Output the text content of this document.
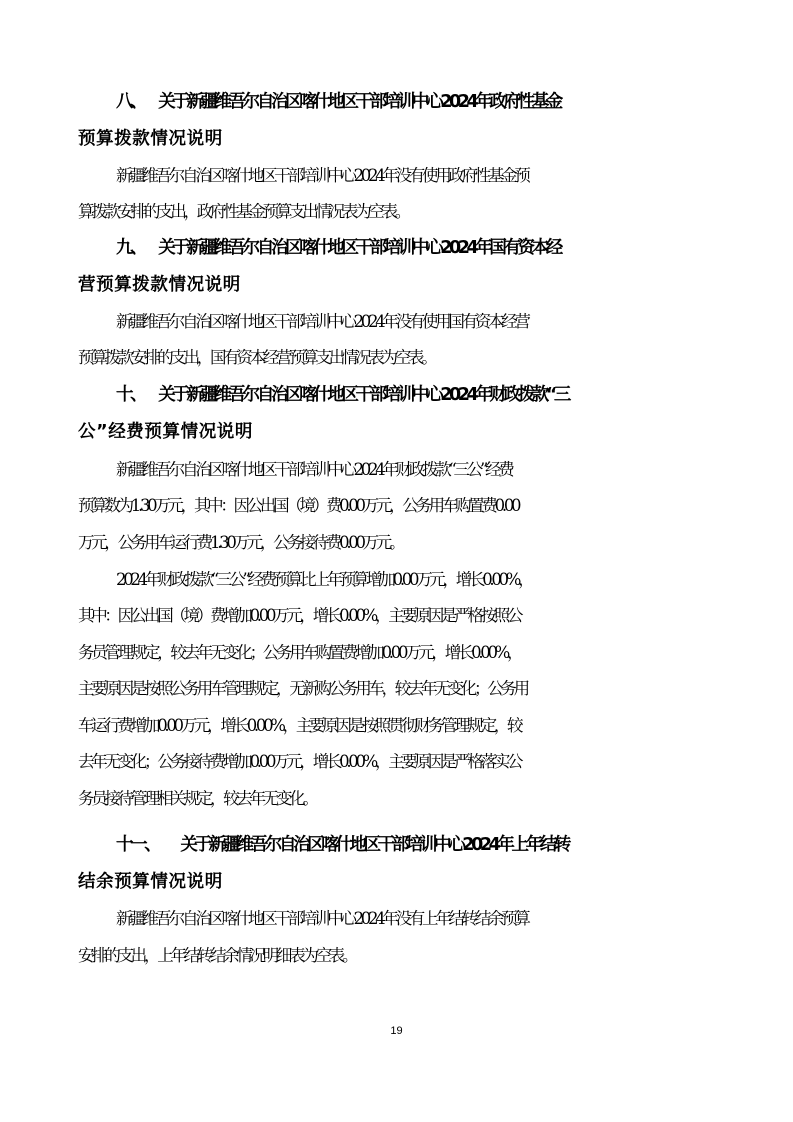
八、 关于新疆维吾尔自治区喀什地区干部培训中心2024年政府性基金
预算拨款情况说明
新疆维吾尔自治区喀什地区干部培训中心2024年没有使用政府性基金预
算拨款安排的支出，政府性基金预算支出情况表为空表。
九、 关于新疆维吾尔自治区喀什地区干部培训中心2024年国有资本经
营预算拨款情况说明
新疆维吾尔自治区喀什地区干部培训中心2024年没有使用国有资本经营
预算拨款安排的支出，国有资本经营预算支出情况表为空表。
十、 关于新疆维吾尔自治区喀什地区干部培训中心2024年财政拨款“三
公”经费预算情况说明
新疆维吾尔自治区喀什地区干部培训中心2024年财政拨款“三公”经费
预算数为1.30万元，其中：因公出国（境）费0.00万元，公务用车购置费0.00
万元，公务用车运行费1.30万元，公务接待费0.00万元。
2024年财政拨款“三公”经费预算比上年预算增加0.00万元，增长0.00%，
其中：因公出国（境）费增加0.00万元，增长0.00%，主要原因是严格按照公
务员管理规定，较去年无变化；公务用车购置费增加0.00万元，增长0.00%，
主要原因是按照公务用车管理规定，无新购公务用车，较去年无变化；公务用
车运行费增加0.00万元，增长0.00%，主要原因是按照贯彻财务管理规定，较
去年无变化；公务接待费增加0.00万元，增长0.00%，主要原因是严格落实公
务员接待管理相关规定，较去年无变化。
十一、 关于新疆维吾尔自治区喀什地区干部培训中心2024年上年结转
结余预算情况说明
新疆维吾尔自治区喀什地区干部培训中心2024年没有上年结转结余预算
安排的支出，上年结转结余情况明细表为空表。
19
